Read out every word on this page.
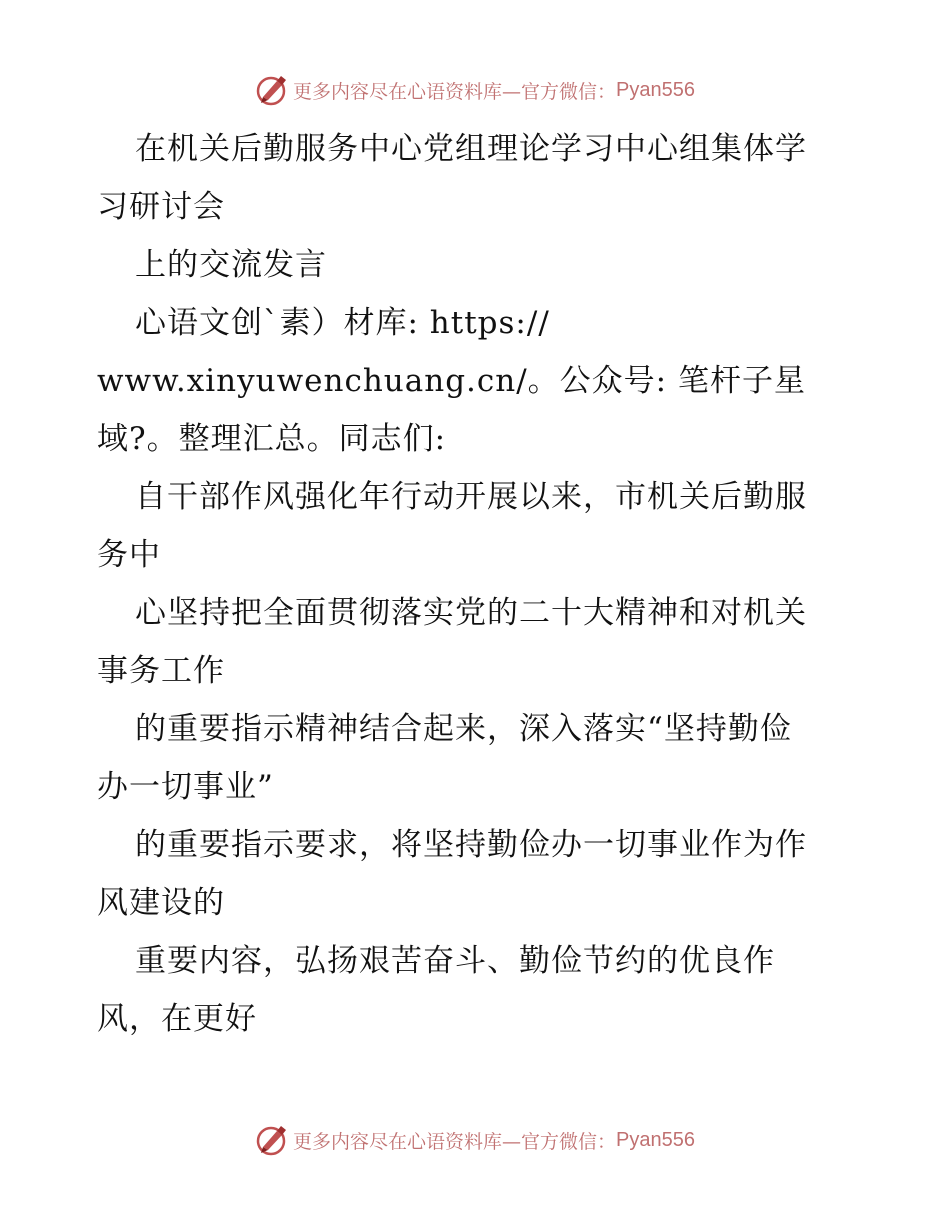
更多内容尽在心语资料库—官方微信： Pyan556
在机关后勤服务中心党组理论学习中心组集体学
习研讨会
上的交流发言
心语文创`素）材库: https://
www.xinyuwenchuang.cn/。公众号: 笔杆子星
域?。整理汇总。同志们:
自干部作风强化年行动开展以来，市机关后勤服
务中
心坚持把全面贯彻落实党的二十大精神和对机关
事务工作
的重要指示精神结合起来，深入落实“坚持勤俭
办一切事业”
的重要指示要求，将坚持勤俭办一切事业作为作
风建设的
重要内容，弘扬艰苦奋斗、勤俭节约的优良作
风，在更好
更多内容尽在心语资料库—官方微信： Pyan556
